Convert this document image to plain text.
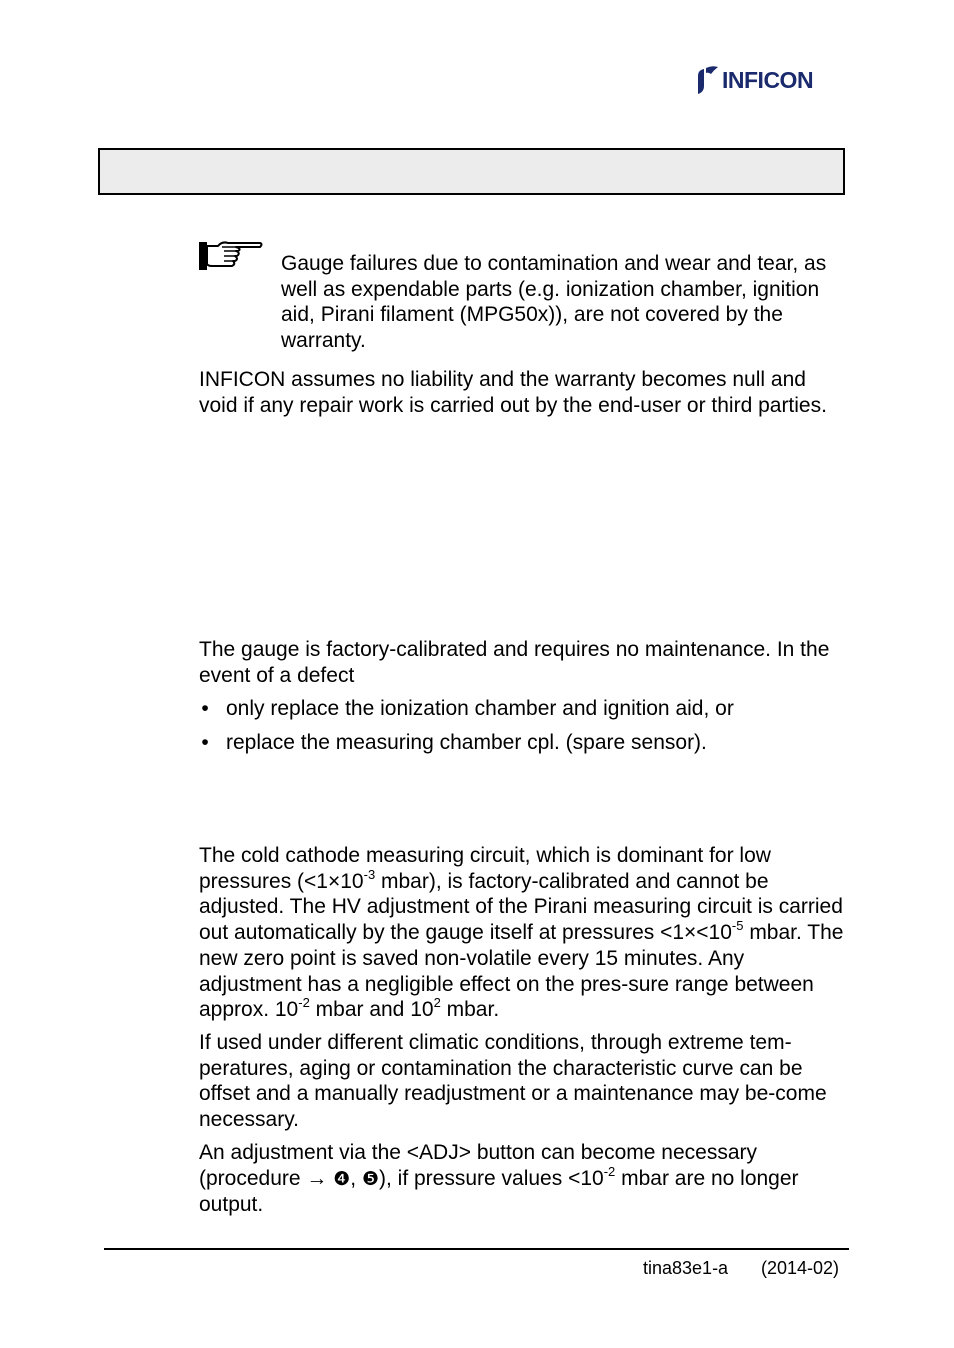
INFICON

Gauge failures due to contamination and wear and tear, as well as expendable parts (e.g. ionization chamber, ignition aid, Pirani filament (MPG50x)), are not covered by the warranty.

INFICON assumes no liability and the warranty becomes null and void if any repair work is carried out by the end-user or third parties.

The gauge is factory-calibrated and requires no maintenance. In the event of a defect

• only replace the ionization chamber and ignition aid, or
• replace the measuring chamber cpl. (spare sensor).

The cold cathode measuring circuit, which is dominant for low pressures ($<1\times 10^{-3}$ mbar), is factory-calibrated and cannot be adjusted. The HV adjustment of the Pirani measuring circuit is carried out automatically by the gauge itself at pressures $<1\times<10^{-5}$ mbar. The new zero point is saved non-volatile every 15 minutes. Any adjustment has a negligible effect on the pres-sure range between approx. $10^{-2}$ mbar and $10^2$ mbar.

If used under different climatic conditions, through extreme tem-peratures, aging or contamination the characteristic curve can be offset and a manually readjustment or a maintenance may be-come necessary.

An adjustment via the <ADJ> button can become necessary (procedure → ❹, ❺), if pressure values $<10^{-2}$ mbar are no longer output.

tina83e1-a (2014-02)
